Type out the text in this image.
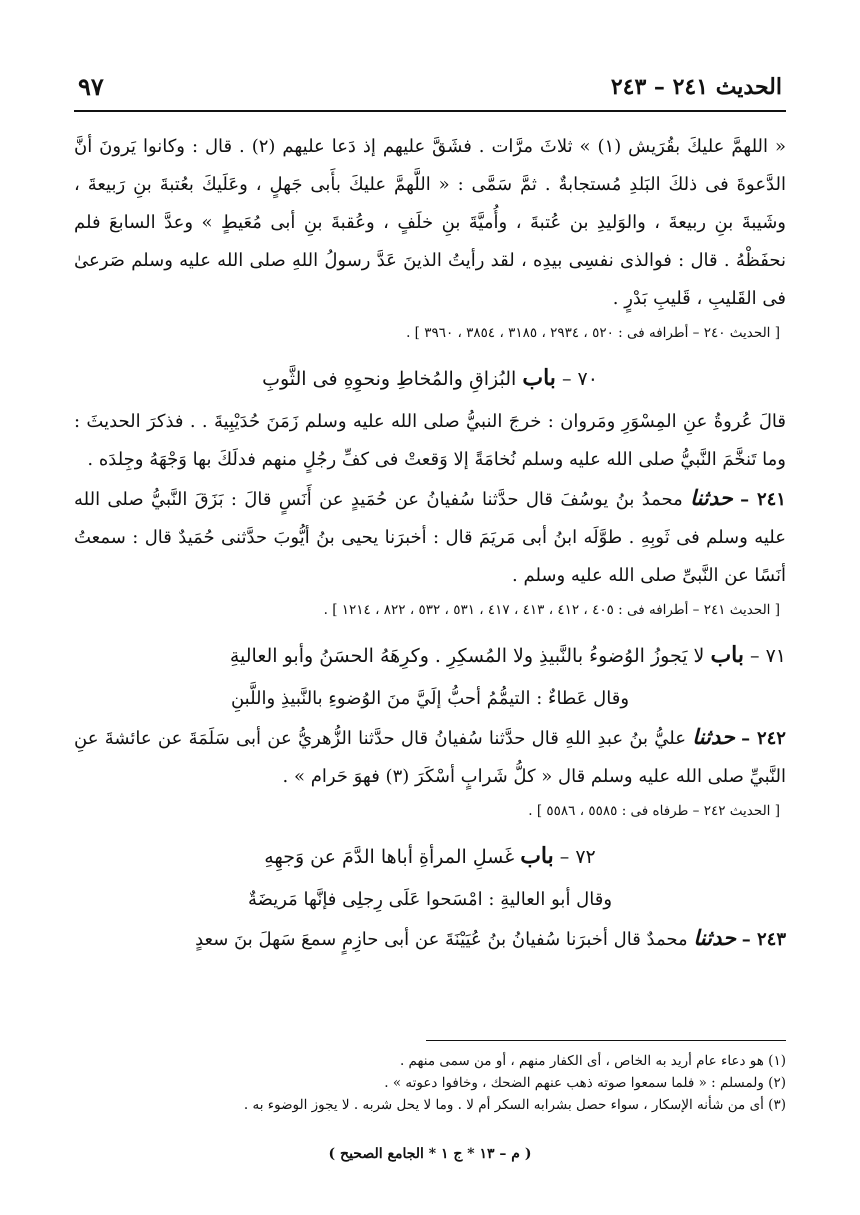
الحديث ٢٤١ – ٢٤٣
٩٧

« اللهمَّ عليكَ بقُرَيش (١) » ثلاثَ مرَّات . فشَقَّ عليهم إذ دَعا عليهم (٢) . قال : وكانوا يَرونَ أنَّ الدَّعوةَ فى ذلكَ البَلدِ مُستجابةٌ . ثمَّ سَمَّى : « اللَّهمَّ عليكَ بأَبى جَهلٍ ، وعَلَيكَ بعُتبةَ بنِ رَبيعةَ ، وشَيبةَ بنِ ربيعةَ ، والوَليدِ بن عُتبةَ ، وأُميَّةَ بنِ خلَفٍ ، وعُقبةَ بنِ أبى مُعَيطٍ » وعدَّ السابعَ فلم نحفَظْهُ . قال : فوالذى نفسِى بيدِه ، لقد رأيتُ الذينَ عَدَّ رسولُ اللهِ صلى الله عليه وسلم صَرعىٰ فى القَليبِ ، قَليبِ بَدْرٍ .

[ الحديث ٢٤٠ – أطرافه فى : ٥٢٠ ، ٢٩٣٤ ، ٣١٨٥ ، ٣٨٥٤ ، ٣٩٦٠ ] .

٧٠ – باب البُزاقِ والمُخاطِ ونحوِهِ فى الثَّوبِ

قالَ عُروةُ عنِ المِسْوَرِ ومَروان : خرجَ النبيُّ صلى الله عليه وسلم زَمَنَ حُدَيْبِيةَ . . فذكرَ الحديثَ : وما تَنخَّمَ النَّبيُّ صلى الله عليه وسلم نُخامَةً إلا وَقعتْ فى كفِّ رجُلٍ منهم فدلَكَ بها وَجْهَهُ وجِلدَه .

٢٤١ – حدثنا محمدُ بنُ يوسُفَ قال حدَّثنا سُفيانُ عن حُمَيدٍ عن أَنَسٍ قالَ : بَزَقَ النَّبيُّ صلى الله عليه وسلم فى ثَوبِهِ . طوَّلَه ابنُ أبى مَريَمَ قال : أخبرَنا يحيى بنُ أيُّوبَ حدَّثنى حُمَيدٌ قال : سمعتُ أنَسًا عن النَّبىِّ صلى الله عليه وسلم .

[ الحديث ٢٤١ – أطرافه فى : ٤٠٥ ، ٤١٢ ، ٤١٣ ، ٤١٧ ، ٥٣١ ، ٥٣٢ ، ٨٢٢ ، ١٢١٤ ] .

٧١ – باب لا يَجوزُ الوُضوءُ بالنَّبيذِ ولا المُسكِرِ . وكرِهَهُ الحسَنُ وأبو العاليةِ

وقال عَطاءٌ : التيمُّمُ أحبُّ إلَيَّ منَ الوُضوءِ بالنَّبيذِ واللَّبنِ

٢٤٢ – حدثنا عليُّ بنُ عبدِ اللهِ قال حدَّثنا سُفيانُ قال حدَّثنا الزُّهريُّ عن أبى سَلَمَةَ عن عائشةَ عنِ النَّبيِّ صلى الله عليه وسلم قال « كلُّ شَرابٍ أسْكَرَ (٣) فهوَ حَرام » .

[ الحديث ٢٤٢ – طرفاه فى : ٥٥٨٥ ، ٥٥٨٦ ] .

٧٢ – باب غَسلِ المرأةِ أباها الدَّمَ عن وَجهِهِ

وقال أبو العاليةِ : امْسَحوا عَلَى رِجلِى فإنَّها مَريضَةٌ

٢٤٣ – حدثنا محمدٌ قال أخبرَنا سُفيانُ بنُ عُيَيْنَةَ عن أبى حازِمٍ سمعَ سَهلَ بنَ سعدٍ

(١) هو دعاء عام أريد به الخاص ، أى الكفار منهم ، أو من سمى منهم .

(٢) ولمسلم : « فلما سمعوا صوته ذهب عنهم الضحك ، وخافوا دعوته » .

(٣) أى من شأنه الإسكار ، سواء حصل بشرابه السكر أم لا . وما لا يحل شربه . لا يجوز الوضوء به .

( م – ١٣ * ج ١ * الجامع الصحيح )
